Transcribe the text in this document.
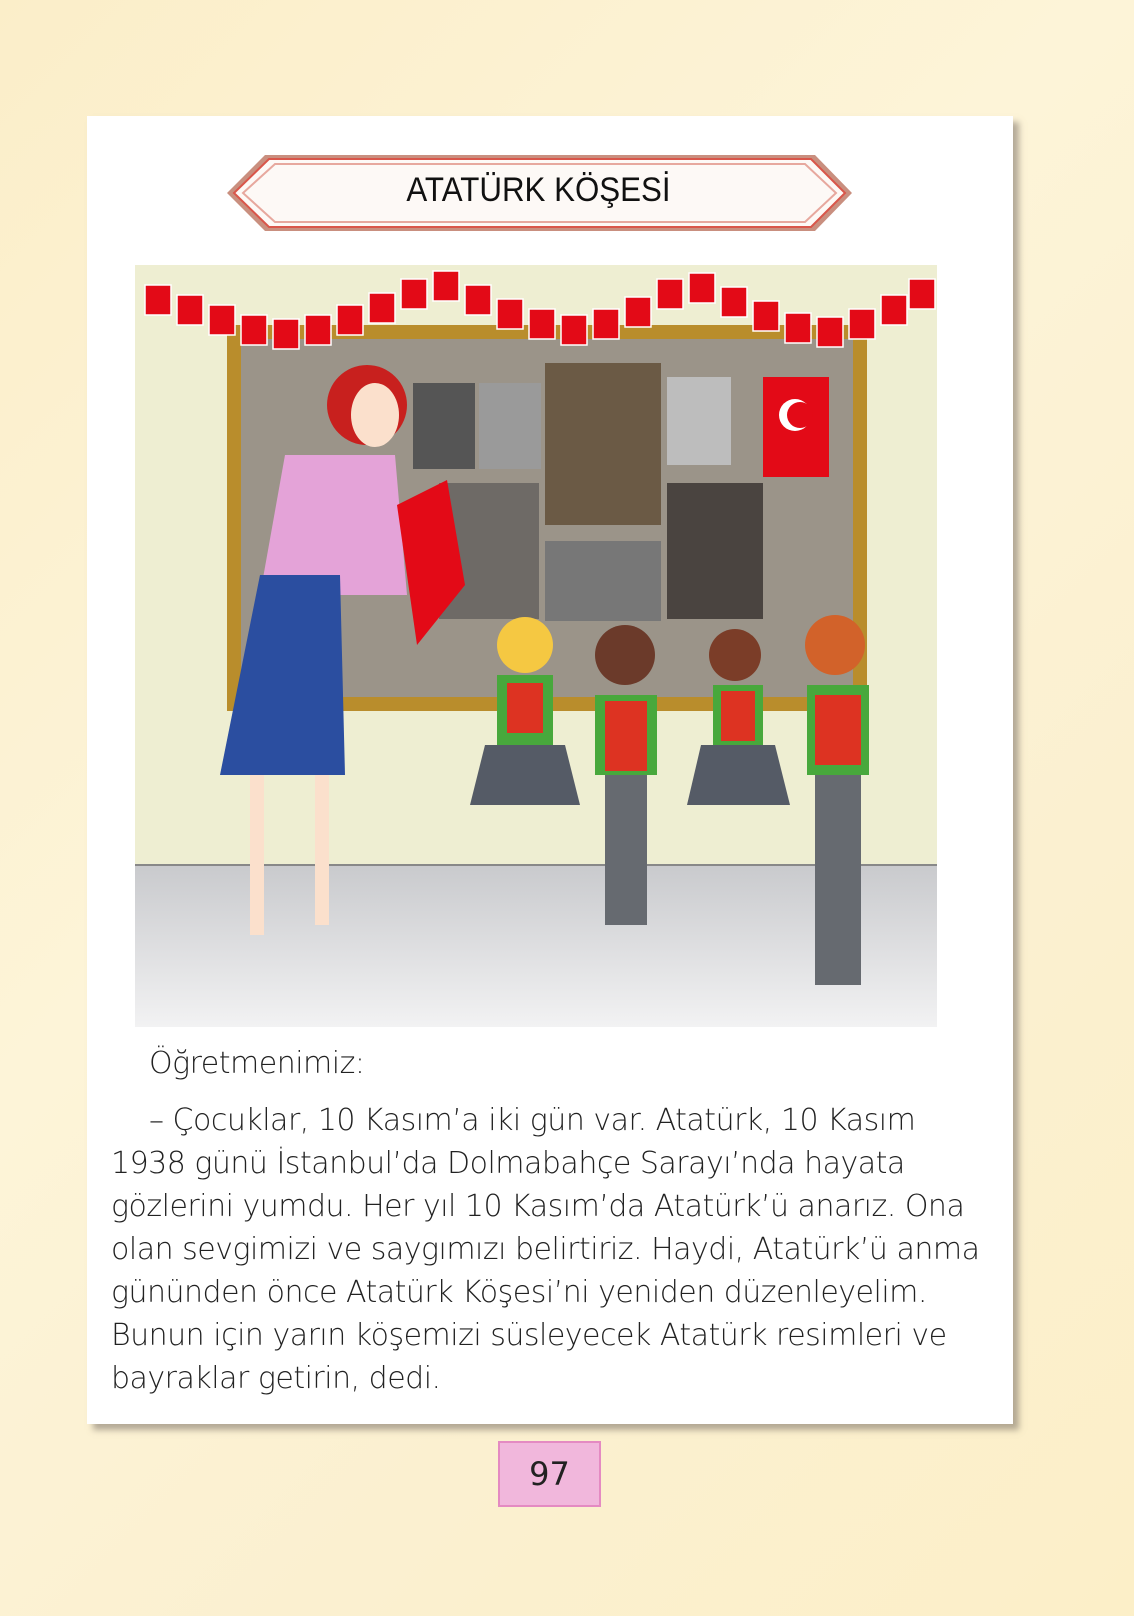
ATATÜRK KÖŞESİ

Öğretmenimiz:

– Çocuklar, 10 Kasım’a iki gün var. Atatürk, 10 Kasım 1938 günü İstanbul’da Dolmabahçe Sarayı’nda hayata gözlerini yumdu. Her yıl 10 Kasım’da Atatürk’ü anarız. Ona olan sevgimizi ve saygımızı belirtiriz. Haydi, Atatürk’ü anma gününden önce Atatürk Köşesi’ni yeniden düzenleyelim. Bunun için yarın köşemizi süsleyecek Atatürk resimleri ve bayraklar getirin, dedi.

97
